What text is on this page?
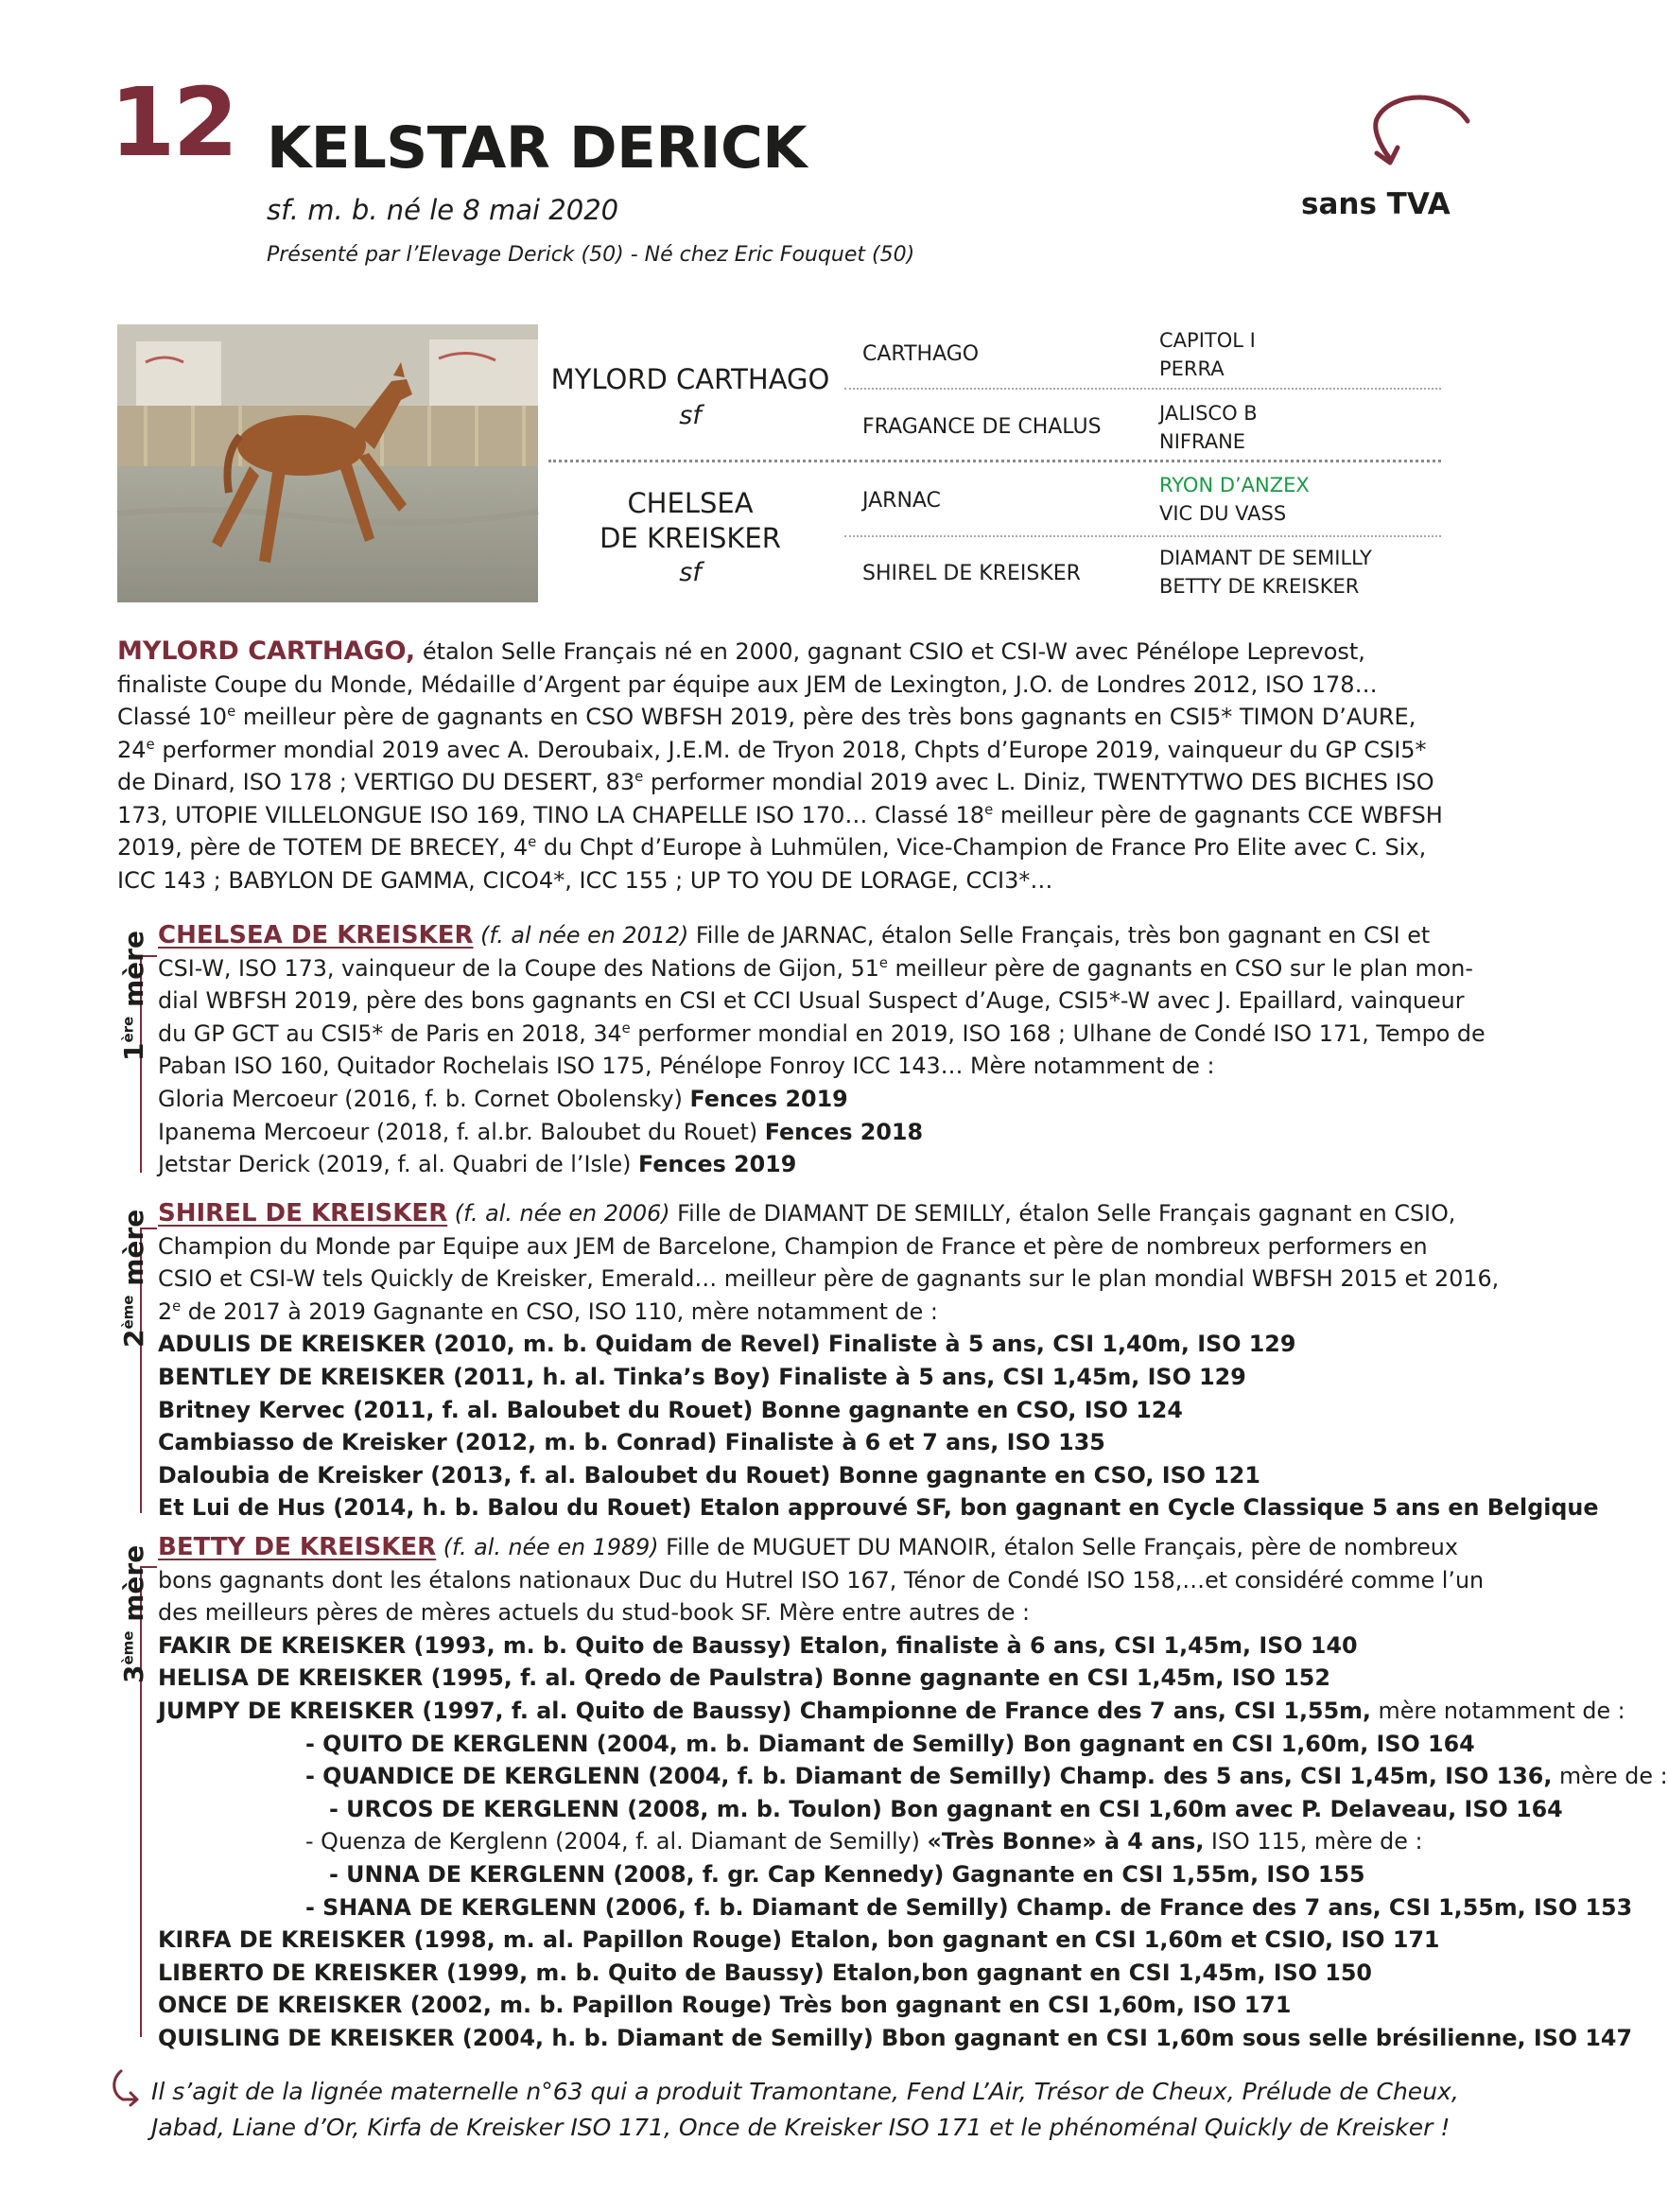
12 KELSTAR DERICK
sf. m. b. né le 8 mai 2020
Présenté par l’Elevage Derick (50) - Né chez Eric Fouquet (50)
sans TVA
MYLORD CARTHAGO
sf
CHELSEA
DE KREISKER
sf
CARTHAGO
FRAGANCE DE CHALUS
JARNAC
SHIREL DE KREISKER
CAPITOL I
PERRA
JALISCO B
NIFRANE
RYON D’ANZEX
VIC DU VASS
DIAMANT DE SEMILLY
BETTY DE KREISKER
MYLORD CARTHAGO, étalon Selle Français né en 2000, gagnant CSIO et CSI-W avec Pénélope Leprevost,
finaliste Coupe du Monde, Médaille d’Argent par équipe aux JEM de Lexington, J.O. de Londres 2012, ISO 178…
Classé 10e meilleur père de gagnants en CSO WBFSH 2019, père des très bons gagnants en CSI5* TIMON D’AURE,
24e performer mondial 2019 avec A. Deroubaix, J.E.M. de Tryon 2018, Chpts d’Europe 2019, vainqueur du GP CSI5*
de Dinard, ISO 178 ; VERTIGO DU DESERT, 83e performer mondial 2019 avec L. Diniz, TWENTYTWO DES BICHES ISO
173, UTOPIE VILLELONGUE ISO 169, TINO LA CHAPELLE ISO 170… Classé 18e meilleur père de gagnants CCE WBFSH
2019, père de TOTEM DE BRECEY, 4e du Chpt d’Europe à Luhmülen, Vice-Champion de France Pro Elite avec C. Six,
ICC 143 ; BABYLON DE GAMMA, CICO4*, ICC 155 ; UP TO YOU DE LORAGE, CCI3*…
1ère mère CHELSEA DE KREISKER (f. al née en 2012) Fille de JARNAC, étalon Selle Français, très bon gagnant en CSI et
CSI-W, ISO 173, vainqueur de la Coupe des Nations de Gijon, 51e meilleur père de gagnants en CSO sur le plan mon-
dial WBFSH 2019, père des bons gagnants en CSI et CCI Usual Suspect d’Auge, CSI5*-W avec J. Epaillard, vainqueur
du GP GCT au CSI5* de Paris en 2018, 34e performer mondial en 2019, ISO 168 ; Ulhane de Condé ISO 171, Tempo de
Paban ISO 160, Quitador Rochelais ISO 175, Pénélope Fonroy ICC 143… Mère notamment de :
Gloria Mercoeur (2016, f. b. Cornet Obolensky) Fences 2019
Ipanema Mercoeur (2018, f. al.br. Baloubet du Rouet) Fences 2018
Jetstar Derick (2019, f. al. Quabri de l’Isle) Fences 2019
2ème mère SHIREL DE KREISKER (f. al. née en 2006) Fille de DIAMANT DE SEMILLY, étalon Selle Français gagnant en CSIO,
Champion du Monde par Equipe aux JEM de Barcelone, Champion de France et père de nombreux performers en
CSIO et CSI-W tels Quickly de Kreisker, Emerald… meilleur père de gagnants sur le plan mondial WBFSH 2015 et 2016,
2e de 2017 à 2019 Gagnante en CSO, ISO 110, mère notamment de :
ADULIS DE KREISKER (2010, m. b. Quidam de Revel) Finaliste à 5 ans, CSI 1,40m, ISO 129
BENTLEY DE KREISKER (2011, h. al. Tinka’s Boy) Finaliste à 5 ans, CSI 1,45m, ISO 129
Britney Kervec (2011, f. al. Baloubet du Rouet) Bonne gagnante en CSO, ISO 124
Cambiasso de Kreisker (2012, m. b. Conrad) Finaliste à 6 et 7 ans, ISO 135
Daloubia de Kreisker (2013, f. al. Baloubet du Rouet) Bonne gagnante en CSO, ISO 121
Et Lui de Hus (2014, h. b. Balou du Rouet) Etalon approuvé SF, bon gagnant en Cycle Classique 5 ans en Belgique
3ème mère BETTY DE KREISKER (f. al. née en 1989) Fille de MUGUET DU MANOIR, étalon Selle Français, père de nombreux
bons gagnants dont les étalons nationaux Duc du Hutrel ISO 167, Ténor de Condé ISO 158,…et considéré comme l’un
des meilleurs pères de mères actuels du stud-book SF. Mère entre autres de :
FAKIR DE KREISKER (1993, m. b. Quito de Baussy) Etalon, finaliste à 6 ans, CSI 1,45m, ISO 140
HELISA DE KREISKER (1995, f. al. Qredo de Paulstra) Bonne gagnante en CSI 1,45m, ISO 152
JUMPY DE KREISKER (1997, f. al. Quito de Baussy) Championne de France des 7 ans, CSI 1,55m, mère notamment de :
- QUITO DE KERGLENN (2004, m. b. Diamant de Semilly) Bon gagnant en CSI 1,60m, ISO 164
- QUANDICE DE KERGLENN (2004, f. b. Diamant de Semilly) Champ. des 5 ans, CSI 1,45m, ISO 136, mère de :
- URCOS DE KERGLENN (2008, m. b. Toulon) Bon gagnant en CSI 1,60m avec P. Delaveau, ISO 164
- Quenza de Kerglenn (2004, f. al. Diamant de Semilly) «Très Bonne» à 4 ans, ISO 115, mère de :
- UNNA DE KERGLENN (2008, f. gr. Cap Kennedy) Gagnante en CSI 1,55m, ISO 155
- SHANA DE KERGLENN (2006, f. b. Diamant de Semilly) Champ. de France des 7 ans, CSI 1,55m, ISO 153
KIRFA DE KREISKER (1998, m. al. Papillon Rouge) Etalon, bon gagnant en CSI 1,60m et CSIO, ISO 171
LIBERTO DE KREISKER (1999, m. b. Quito de Baussy) Etalon,bon gagnant en CSI 1,45m, ISO 150
ONCE DE KREISKER (2002, m. b. Papillon Rouge) Très bon gagnant en CSI 1,60m, ISO 171
QUISLING DE KREISKER (2004, h. b. Diamant de Semilly) Bbon gagnant en CSI 1,60m sous selle brésilienne, ISO 147
Il s’agit de la lignée maternelle n°63 qui a produit Tramontane, Fend L’Air, Trésor de Cheux, Prélude de Cheux,
Jabad, Liane d’Or, Kirfa de Kreisker ISO 171, Once de Kreisker ISO 171 et le phénoménal Quickly de Kreisker !
